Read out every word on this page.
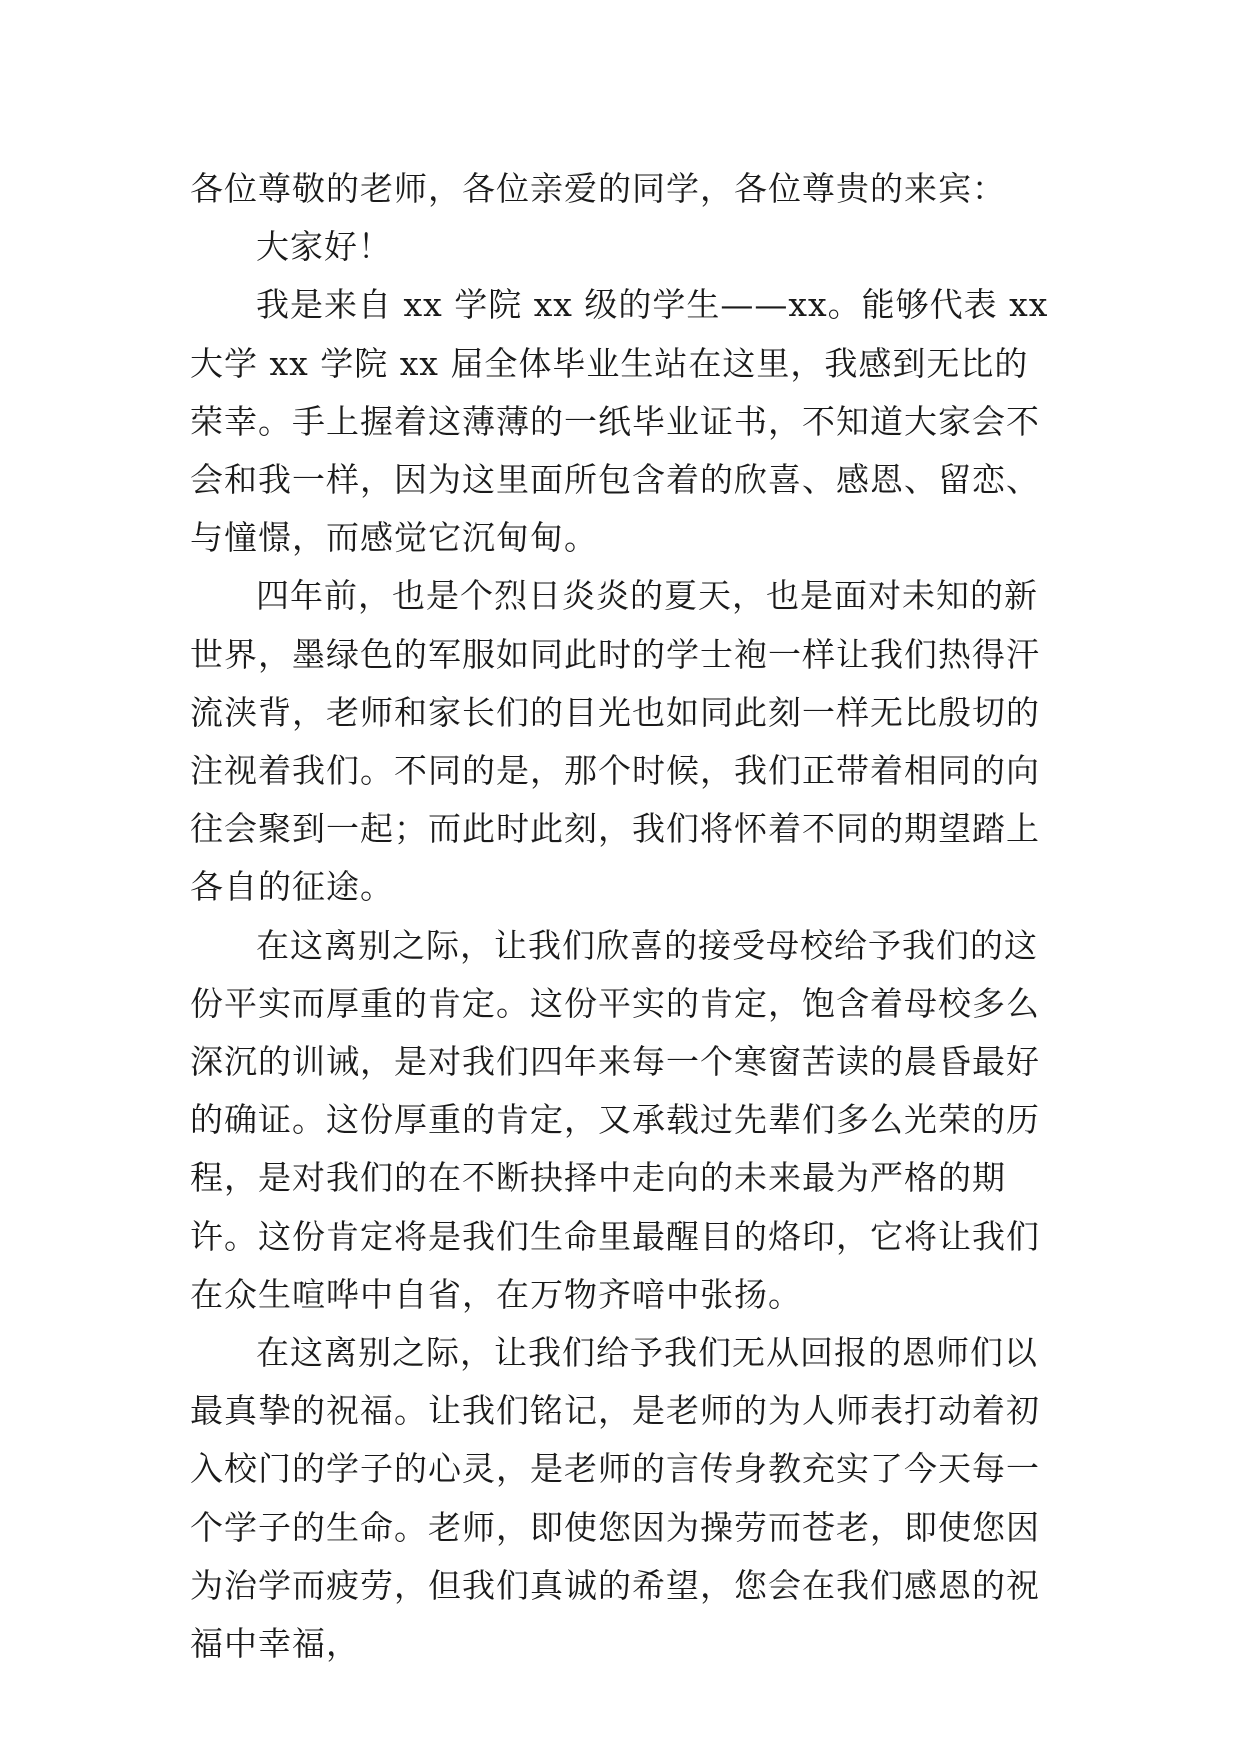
各位尊敬的老师，各位亲爱的同学，各位尊贵的来宾：

大家好！

我是来自 xx 学院 xx 级的学生——xx。能够代表 xx 大学 xx 学院 xx 届全体毕业生站在这里，我感到无比的荣幸。手上握着这薄薄的一纸毕业证书，不知道大家会不会和我一样，因为这里面所包含着的欣喜、感恩、留恋、与憧憬，而感觉它沉甸甸。

四年前，也是个烈日炎炎的夏天，也是面对未知的新世界，墨绿色的军服如同此时的学士袍一样让我们热得汗流浃背，老师和家长们的目光也如同此刻一样无比殷切的注视着我们。不同的是，那个时候，我们正带着相同的向往会聚到一起；而此时此刻，我们将怀着不同的期望踏上各自的征途。

在这离别之际，让我们欣喜的接受母校给予我们的这份平实而厚重的肯定。这份平实的肯定，饱含着母校多么深沉的训诫，是对我们四年来每一个寒窗苦读的晨昏最好的确证。这份厚重的肯定，又承载过先辈们多么光荣的历程，是对我们的在不断抉择中走向的未来最为严格的期许。这份肯定将是我们生命里最醒目的烙印，它将让我们在众生喧哗中自省，在万物齐喑中张扬。

在这离别之际，让我们给予我们无从回报的恩师们以最真挚的祝福。让我们铭记，是老师的为人师表打动着初入校门的学子的心灵，是老师的言传身教充实了今天每一个学子的生命。老师，即使您因为操劳而苍老，即使您因为治学而疲劳，但我们真诚的希望，您会在我们感恩的祝福中幸福，
